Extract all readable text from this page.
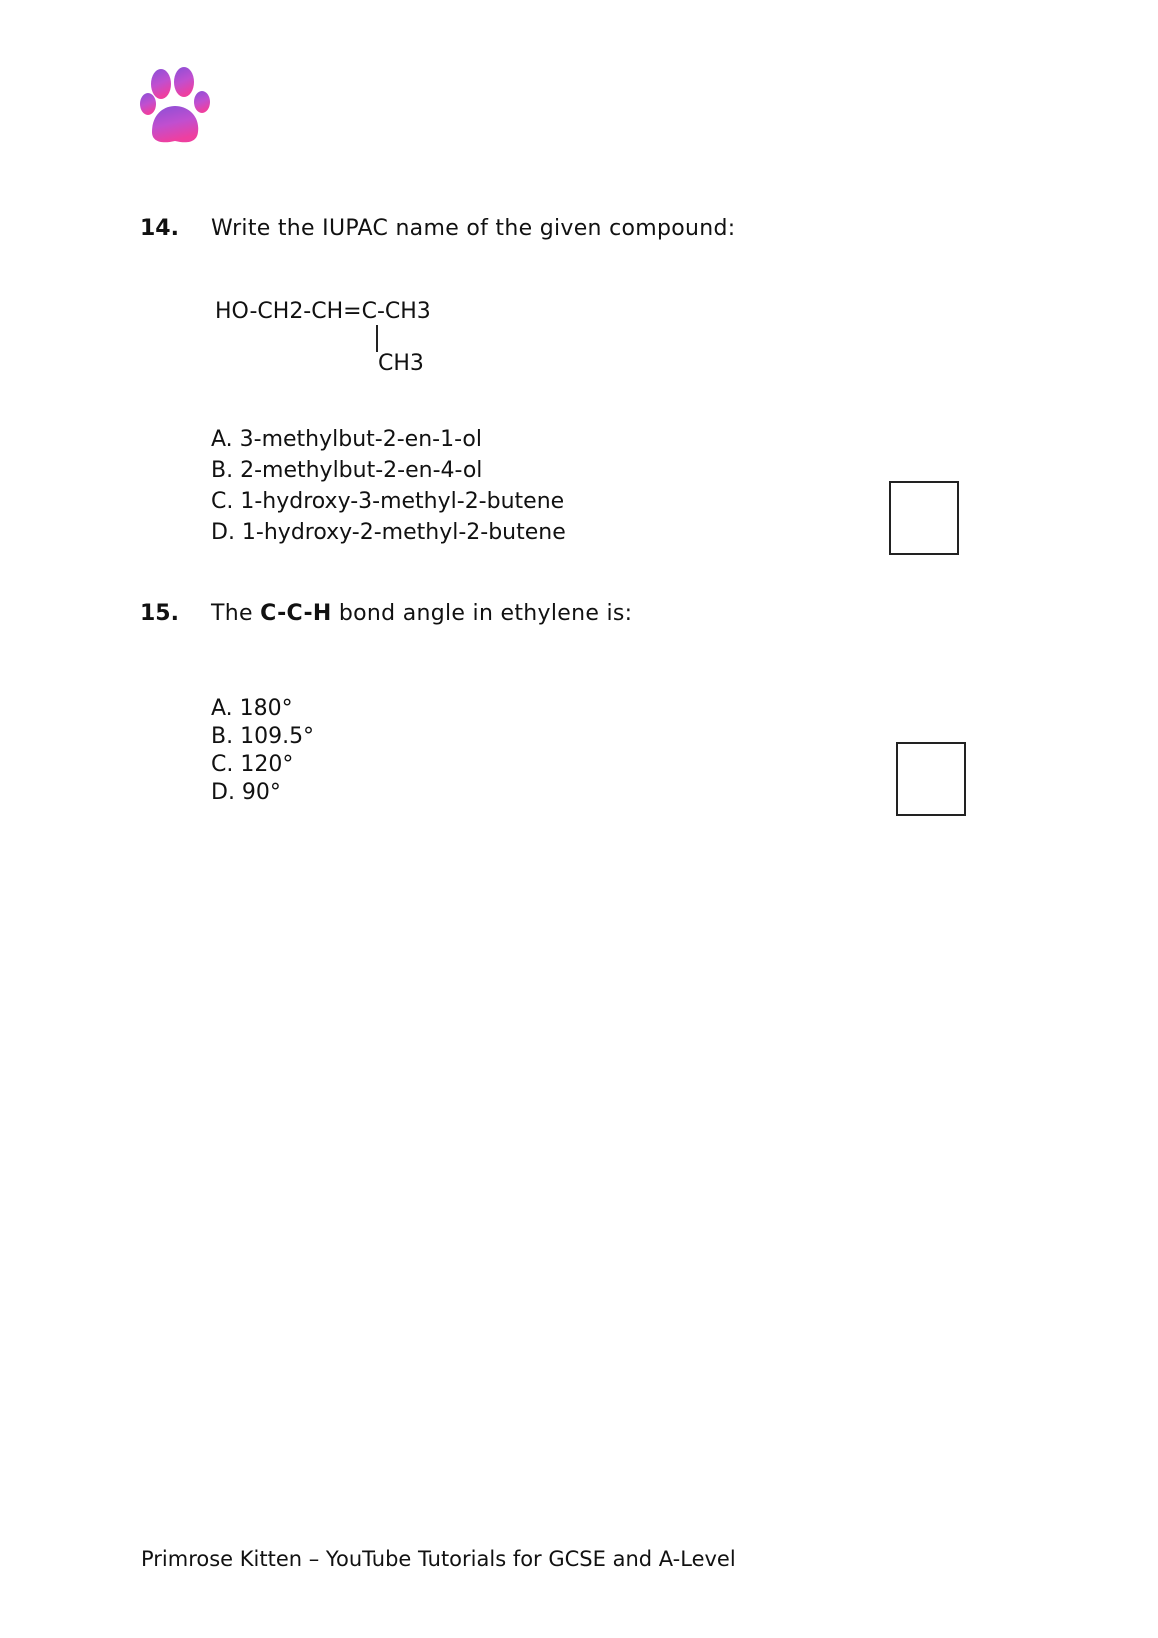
14. Write the IUPAC name of the given compound:
HO-CH2-CH=C-CH3
CH3
A. 3-methylbut-2-en-1-ol
B. 2-methylbut-2-en-4-ol
C. 1-hydroxy-3-methyl-2-butene
D. 1-hydroxy-2-methyl-2-butene
15. The C-C-H bond angle in ethylene is:
A. 180°
B. 109.5°
C. 120°
D. 90°
Primrose Kitten – YouTube Tutorials for GCSE and A-Level
